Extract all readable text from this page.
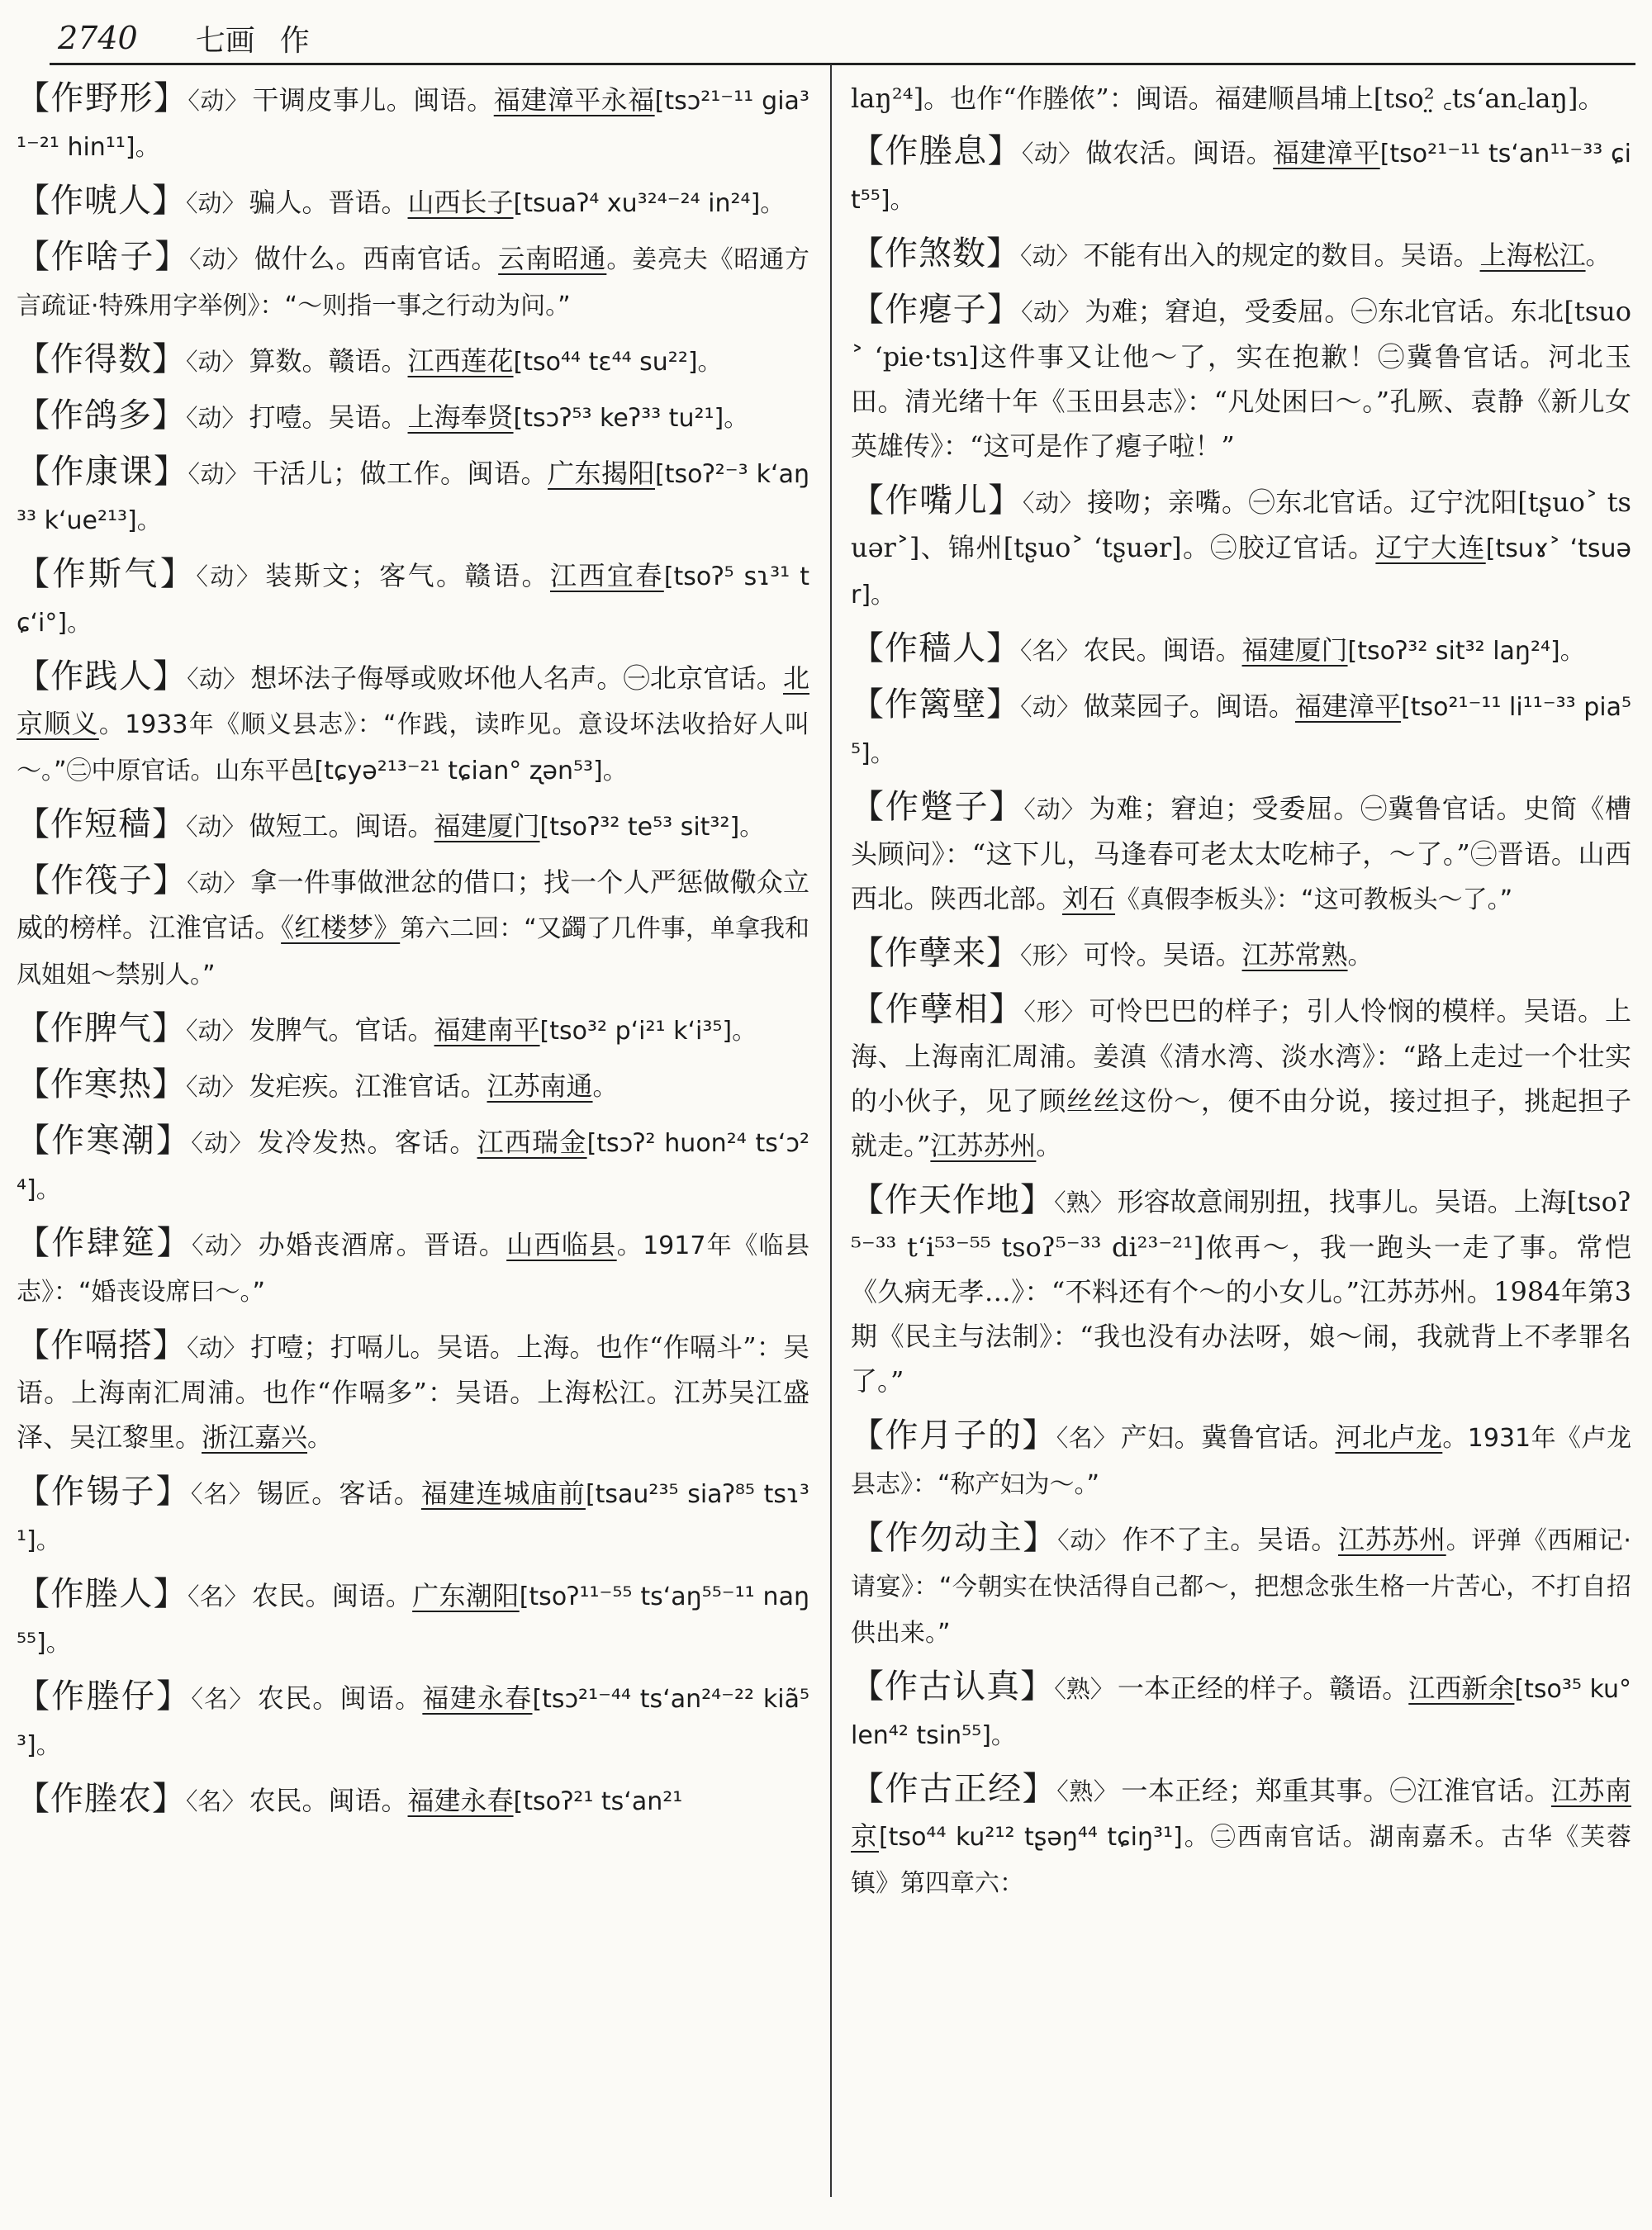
2740 七画 作
【作野形】〈动〉 干调皮事儿。闽语。福建漳平永福[tsɔ²¹⁻¹¹ gia³¹⁻²¹ hin¹¹]。
【作唬人】〈动〉 骗人。晋语。山西长子[tsuaʔ⁴ xu³²⁴⁻²⁴ in²⁴]。
【作啥子】〈动〉 做什么。西南官话。云南昭通。姜亮夫《昭通方言疏证·特殊用字举例》：“～则指一事之行动为问。”
【作得数】〈动〉 算数。赣语。江西莲花[tso⁴⁴ tɛ⁴⁴ su²²]。
【作鸽多】〈动〉 打噎。吴语。上海奉贤[tsɔʔ⁵³ keʔ³³ tu²¹]。
【作康课】〈动〉 干活儿；做工作。闽语。广东揭阳[tsoʔ²⁻³ k‘aŋ³³ k‘ue²¹³]。
【作斯气】〈动〉 装斯文；客气。赣语。江西宜春[tsoʔ⁵ sɿ³¹ tɕ‘i°]。
【作践人】〈动〉 想坏法子侮辱或败坏他人名声。㊀北京官话。北京顺义。1933年《顺义县志》：“作践，读昨见。意设坏法收拾好人叫～。”㊁中原官话。山东平邑[tɕyə²¹³⁻²¹ tɕian° ʐən⁵³]。
【作短穑】〈动〉 做短工。闽语。福建厦门[tsoʔ³² te⁵³ sit³²]。
【作筏子】〈动〉 拿一件事做泄忿的借口；找一个人严惩做儆众立威的榜样。江淮官话。《红楼梦》第六二回：“又蠲了几件事，单拿我和凤姐姐～禁别人。”
【作脾气】〈动〉 发脾气。官话。福建南平[tso³² p‘i²¹ k‘i³⁵]。
【作寒热】〈动〉 发疟疾。江淮官话。江苏南通。
【作寒潮】〈动〉 发冷发热。客话。江西瑞金[tsɔʔ² huon²⁴ ts‘ɔ²⁴]。
【作肆筵】〈动〉 办婚丧酒席。晋语。山西临县。1917年《临县志》：“婚丧设席曰～。”
【作嗝搭】〈动〉 打噎；打嗝儿。吴语。上海。也作“作嗝斗”：吴语。上海南汇周浦。也作“作嗝多”：吴语。上海松江。江苏吴江盛泽、吴江黎里。浙江嘉兴。
【作锡子】〈名〉 锡匠。客话。福建连城庙前[tsau²³⁵ siaʔ⁸⁵ tsɿ³¹]。
【作塍人】〈名〉 农民。闽语。广东潮阳[tsoʔ¹¹⁻⁵⁵ ts‘aŋ⁵⁵⁻¹¹ naŋ⁵⁵]。
【作塍仔】〈名〉 农民。闽语。福建永春[tsɔ²¹⁻⁴⁴ ts‘an²⁴⁻²² kiã⁵³]。
【作塍农】〈名〉 农民。闽语。福建永春[tsoʔ²¹ ts‘an²¹
laŋ²⁴]。也作“作塍侬”：闽语。福建顺昌埔上[tso²̤ ꜀ts‘an꜀laŋ]。
【作塍息】〈动〉 做农活。闽语。福建漳平[tso²¹⁻¹¹ ts‘an¹¹⁻³³ ɕit⁵⁵]。
【作煞数】〈动〉 不能有出入的规定的数目。吴语。上海松江。
【作瘪子】〈动〉 为难；窘迫，受委屈。㊀东北官话。东北[tsuo˃ ‘pie·tsɿ]这件事又让他～了，实在抱歉！㊁冀鲁官话。河北玉田。清光绪十年《玉田县志》：“凡处困曰～。”孔厥、袁静《新儿女英雄传》：“这可是作了瘪子啦！”
【作嘴儿】〈动〉 接吻；亲嘴。㊀东北官话。辽宁沈阳[tʂuo˃ tsuər˃]、锦州[tʂuo˃ ‘tʂuər]。㊁胶辽官话。辽宁大连[tsuɤ˃ ‘tsuər]。
【作穑人】〈名〉 农民。闽语。福建厦门[tsoʔ³² sit³² laŋ²⁴]。
【作篱壁】〈动〉 做菜园子。闽语。福建漳平[tso²¹⁻¹¹ li¹¹⁻³³ pia⁵⁵]。
【作蹩子】〈动〉 为难；窘迫；受委屈。㊀冀鲁官话。史简《槽头顾问》：“这下儿，马逢春可老太太吃柿子，～了。”㊁晋语。山西西北。陕西北部。刘石《真假李板头》：“这可教板头～了。”
【作孽来】〈形〉 可怜。吴语。江苏常熟。
【作孽相】〈形〉 可怜巴巴的样子；引人怜悯的模样。吴语。上海、上海南汇周浦。姜滇《清水湾、淡水湾》：“路上走过一个壮实的小伙子，见了顾丝丝这份～，便不由分说，接过担子，挑起担子就走。”江苏苏州。
【作天作地】〈熟〉 形容故意闹别扭，找事儿。吴语。上海[tsoʔ⁵⁻³³ t‘i⁵³⁻⁵⁵ tsoʔ⁵⁻³³ di²³⁻²¹]侬再～，我一跑头一走了事。常恺《久病无孝…》：“不料还有个～的小女儿。”江苏苏州。1984年第3期《民主与法制》：“我也没有办法呀，娘～闹，我就背上不孝罪名了。”
【作月子的】〈名〉 产妇。冀鲁官话。河北卢龙。1931年《卢龙县志》：“称产妇为～。”
【作勿动主】〈动〉 作不了主。吴语。江苏苏州。评弹《西厢记·请宴》：“今朝实在快活得自己都～，把想念张生格一片苦心，不打自招供出来。”
【作古认真】〈熟〉 一本正经的样子。赣语。江西新余[tso³⁵ ku° len⁴² tsin⁵⁵]。
【作古正经】〈熟〉 一本正经；郑重其事。㊀江淮官话。江苏南京[tso⁴⁴ ku²¹² tʂəŋ⁴⁴ tɕiŋ³¹]。㊁西南官话。湖南嘉禾。古华《芙蓉镇》第四章六：
